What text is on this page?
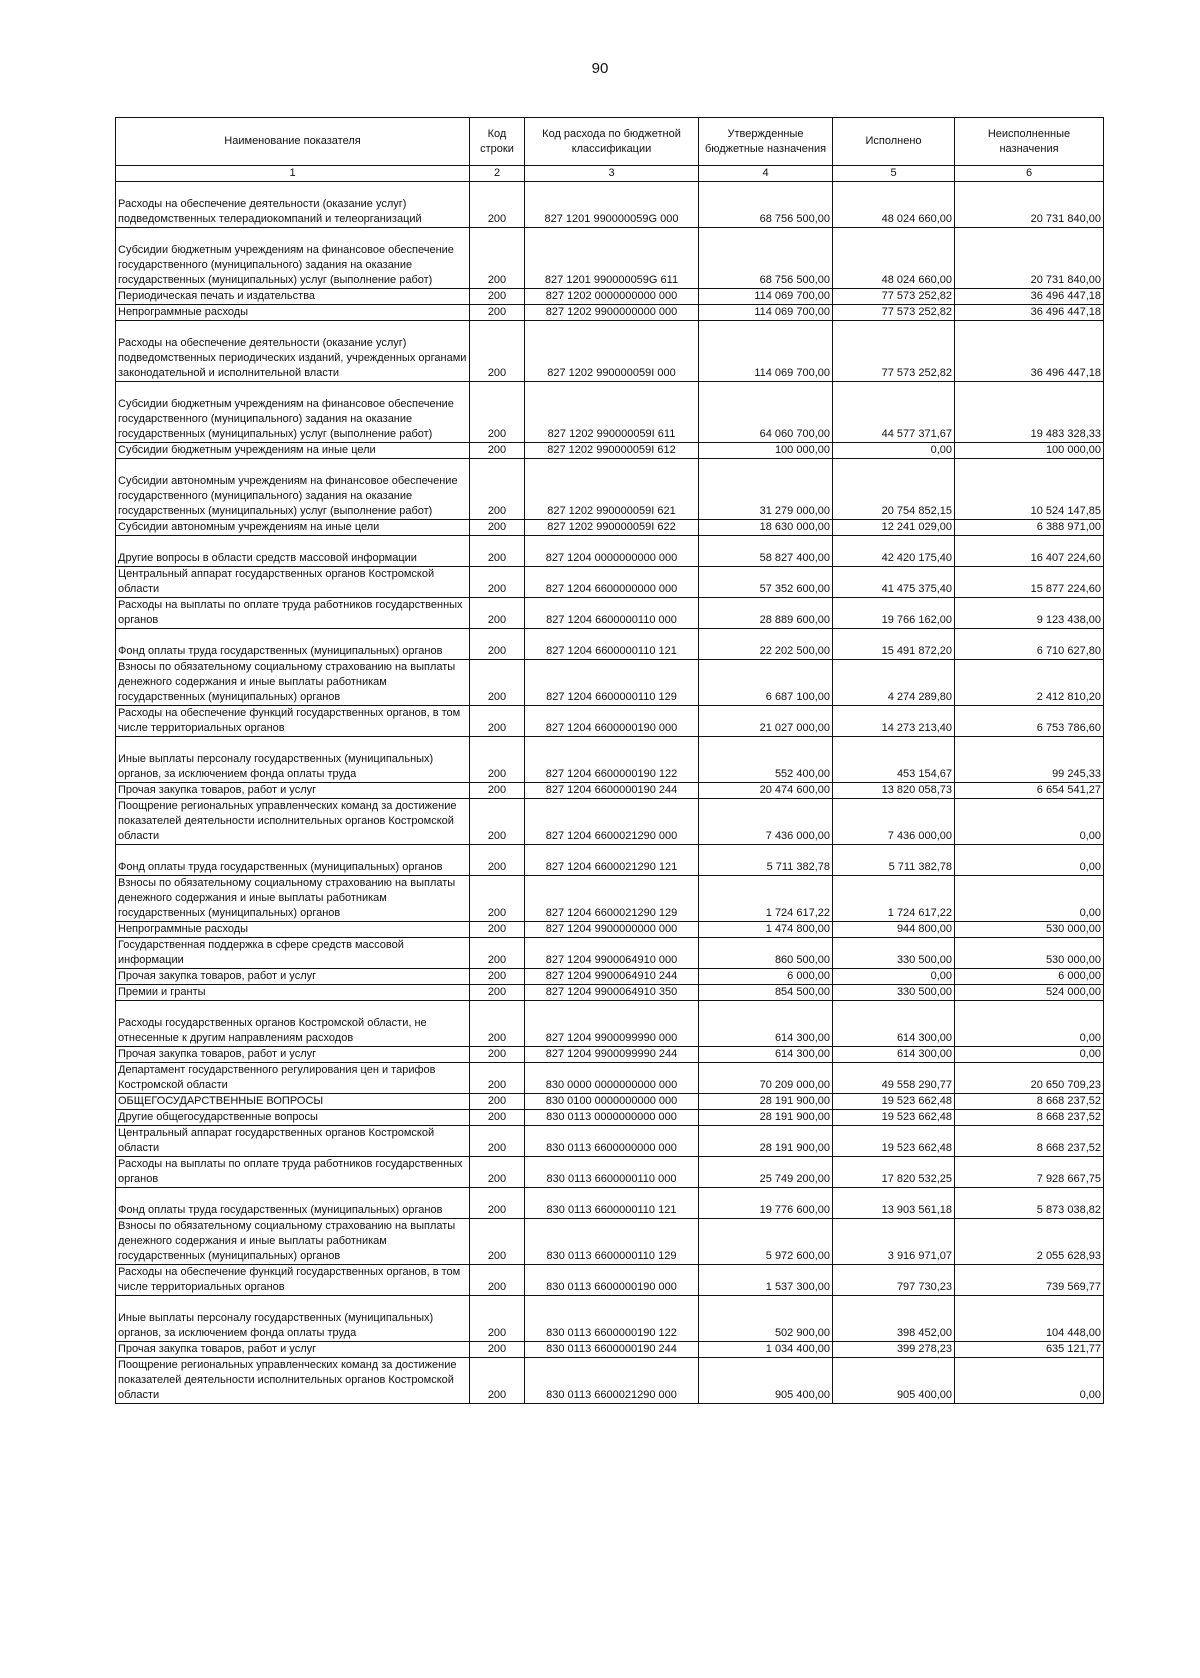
90
Наименование показателя	Код строки	Код расхода по бюджетной классификации	Утвержденные бюджетные назначения	Исполнено	Неисполненные назначения
1	2	3	4	5	6
Расходы на обеспечение деятельности (оказание услуг) подведомственных телерадиокомпаний и телеорганизаций	200	827 1201 990000059G 000	68 756 500,00	48 024 660,00	20 731 840,00
Субсидии бюджетным учреждениям на финансовое обеспечение государственного (муниципального) задания на оказание государственных (муниципальных) услуг (выполнение работ)	200	827 1201 990000059G 611	68 756 500,00	48 024 660,00	20 731 840,00
Периодическая печать и издательства	200	827 1202 0000000000 000	114 069 700,00	77 573 252,82	36 496 447,18
Непрограммные расходы	200	827 1202 9900000000 000	114 069 700,00	77 573 252,82	36 496 447,18
Расходы на обеспечение деятельности (оказание услуг) подведомственных периодических изданий, учрежденных органами законодательной и исполнительной власти	200	827 1202 990000059I 000	114 069 700,00	77 573 252,82	36 496 447,18
Субсидии бюджетным учреждениям на финансовое обеспечение государственного (муниципального) задания на оказание государственных (муниципальных) услуг (выполнение работ)	200	827 1202 990000059I 611	64 060 700,00	44 577 371,67	19 483 328,33
Субсидии бюджетным учреждениям на иные цели	200	827 1202 990000059I 612	100 000,00	0,00	100 000,00
Субсидии автономным учреждениям на финансовое обеспечение государственного (муниципального) задания на оказание государственных (муниципальных) услуг (выполнение работ)	200	827 1202 990000059I 621	31 279 000,00	20 754 852,15	10 524 147,85
Субсидии автономным учреждениям на иные цели	200	827 1202 990000059I 622	18 630 000,00	12 241 029,00	6 388 971,00
Другие вопросы в области средств массовой информации	200	827 1204 0000000000 000	58 827 400,00	42 420 175,40	16 407 224,60
Центральный аппарат государственных органов Костромской области	200	827 1204 6600000000 000	57 352 600,00	41 475 375,40	15 877 224,60
Расходы на выплаты по оплате труда работников государственных органов	200	827 1204 6600000110 000	28 889 600,00	19 766 162,00	9 123 438,00
Фонд оплаты труда государственных (муниципальных) органов	200	827 1204 6600000110 121	22 202 500,00	15 491 872,20	6 710 627,80
Взносы по обязательному социальному страхованию на выплаты денежного содержания и иные выплаты работникам государственных (муниципальных) органов	200	827 1204 6600000110 129	6 687 100,00	4 274 289,80	2 412 810,20
Расходы на обеспечение функций государственных органов, в том числе территориальных органов	200	827 1204 6600000190 000	21 027 000,00	14 273 213,40	6 753 786,60
Иные выплаты персоналу государственных (муниципальных) органов, за исключением фонда оплаты труда	200	827 1204 6600000190 122	552 400,00	453 154,67	99 245,33
Прочая закупка товаров, работ и услуг	200	827 1204 6600000190 244	20 474 600,00	13 820 058,73	6 654 541,27
Поощрение региональных управленческих команд за достижение показателей деятельности исполнительных органов Костромской области	200	827 1204 6600021290 000	7 436 000,00	7 436 000,00	0,00
Фонд оплаты труда государственных (муниципальных) органов	200	827 1204 6600021290 121	5 711 382,78	5 711 382,78	0,00
Взносы по обязательному социальному страхованию на выплаты денежного содержания и иные выплаты работникам государственных (муниципальных) органов	200	827 1204 6600021290 129	1 724 617,22	1 724 617,22	0,00
Непрограммные расходы	200	827 1204 9900000000 000	1 474 800,00	944 800,00	530 000,00
Государственная поддержка в сфере средств массовой информации	200	827 1204 9900064910 000	860 500,00	330 500,00	530 000,00
Прочая закупка товаров, работ и услуг	200	827 1204 9900064910 244	6 000,00	0,00	6 000,00
Премии и гранты	200	827 1204 9900064910 350	854 500,00	330 500,00	524 000,00
Расходы государственных органов Костромской области, не отнесенные к другим направлениям расходов	200	827 1204 9900099990 000	614 300,00	614 300,00	0,00
Прочая закупка товаров, работ и услуг	200	827 1204 9900099990 244	614 300,00	614 300,00	0,00
Департамент государственного регулирования цен и тарифов Костромской области	200	830 0000 0000000000 000	70 209 000,00	49 558 290,77	20 650 709,23
ОБЩЕГОСУДАРСТВЕННЫЕ ВОПРОСЫ	200	830 0100 0000000000 000	28 191 900,00	19 523 662,48	8 668 237,52
Другие общегосударственные вопросы	200	830 0113 0000000000 000	28 191 900,00	19 523 662,48	8 668 237,52
Центральный аппарат государственных органов Костромской области	200	830 0113 6600000000 000	28 191 900,00	19 523 662,48	8 668 237,52
Расходы на выплаты по оплате труда работников государственных органов	200	830 0113 6600000110 000	25 749 200,00	17 820 532,25	7 928 667,75
Фонд оплаты труда государственных (муниципальных) органов	200	830 0113 6600000110 121	19 776 600,00	13 903 561,18	5 873 038,82
Взносы по обязательному социальному страхованию на выплаты денежного содержания и иные выплаты работникам государственных (муниципальных) органов	200	830 0113 6600000110 129	5 972 600,00	3 916 971,07	2 055 628,93
Расходы на обеспечение функций государственных органов, в том числе территориальных органов	200	830 0113 6600000190 000	1 537 300,00	797 730,23	739 569,77
Иные выплаты персоналу государственных (муниципальных) органов, за исключением фонда оплаты труда	200	830 0113 6600000190 122	502 900,00	398 452,00	104 448,00
Прочая закупка товаров, работ и услуг	200	830 0113 6600000190 244	1 034 400,00	399 278,23	635 121,77
Поощрение региональных управленческих команд за достижение показателей деятельности исполнительных органов Костромской области	200	830 0113 6600021290 000	905 400,00	905 400,00	0,00
